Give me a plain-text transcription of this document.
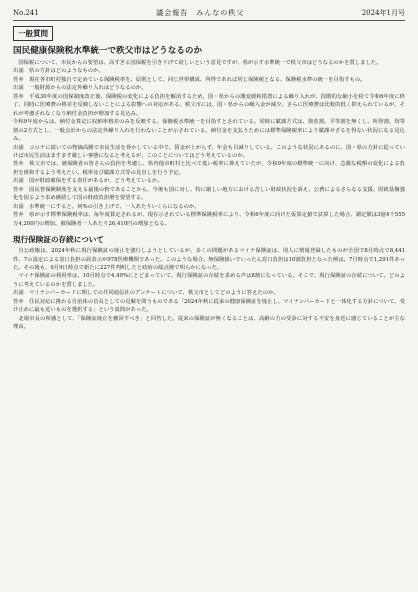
No.241	議会報告　みんなの秩父	2024年1月号
一般質問
国民健康保険税水準統一で秩父市はどうなるのか

　国保税について、市民からの要望は、高すぎる国保税を引き下げて欲しいという意見ですが、県が示す水準統一で秩父市はどうなるのかを質しました。

出浦　県の方針はどのようなものか。

答弁　現在各市町村独自で定めている保険税率を、原則として、同じ世帯構成、所得であれば同じ保険税となる、保険税水準の統一を目指すもの。

出浦　一般財源からの法定外繰り入れはどうなるのか。

答弁　平成30年度の国保制度改正後、保険税の変化による負担を解消するため、国・県からの激変緩和措置による繰り入れが、段階的な縮小を経て令和6年度に終了、同時に医療費の格差を反映しないことによる影響への対応がある。秩父市には、国・県からの繰入金が減少、さらに医療費は比較的低く抑えられているが、それが考慮されなくなり納付金負担が増加する見込み。

令和9年度からは、納付金算定に収納率格差のみを反映する、保険税水準統一を目指すとされている。同時に賦課方式は、資産割、平等割を無くし、所得割、均等割の2方式とし、一般会計からの法定外繰り入れを行わないことが示されている。納付金を支払うためには標準保険税率により賦課せざるを得ない状況になる見込み。

出浦　コロナに続いての物価高騰で市民生活を脅かしている中で、賃金が上がらず、年金も目減りしている。このような状況にあるのに、国・県の方針に従っていけば市民生活はますます厳しい事態になると考えるが、このことについてはどう考えているのか。

答弁　秩父市では、被保険者の皆さんの負担を考慮し、県内他市町村と比べて低い税率に抑えていたが、令和9年度の標準統一に向け、急激な税額の変化による負担を緩和するよう考えたい。税率及び賦課方式等の見直しを行う予定。

出浦　国が財政確保をする責任があるが、どう考えているか。

答弁　国民皆保険制度を支える最後の砦であることから、今後も国に対し、特に厳しい地方における苦しい財政状況を訴え、公費によるさらなる支援、財政基盤強化を図るよう求め継続して国の財政負担増を要望する。

出浦　水準統一にすると、何%の引き上げで、一人あたりいくらになるのか。

答弁　県が示す標準保険税率は、毎年度算定されるが、現在示されている標準保険税率により、令和6年度に向けた仮算定値で試算した場合、調定額は3億4千555万4,200円の増加、被保険者一人あたり26,410円の増加となる。

現行保険証の存続について

　自公政権は、2024年秋に現行保険証の廃止を強行しようとしているが、多くの問題があるマイナ保険証は、別人に情報登録したものが全国で8月時点で8,441件、7の設定による窓口負担の誤表示が978医療機関であった。このような場合、無保険扱いでいったん窓口負担は10割負担となった例は、7月時点で1,291件あった。その後も、9月9日時点で新たに227件判明したと政府の総点検で明らかになった。

　マイナ保険証の利用率は、10月時点で4.49%にとどまっていて、現行保険証の存続を求める声は8割になっている。そこで、現行保険証の存続について、どのように考えているのかを質しました。

出浦　マイナンバーカードに関しての共同通信社のアンケートについて、秩父市としてどのように答えたのか。

答弁　住民対応に携わる自治体の首長としての見解を問うものである「2024年秋に従来の健康保険証を廃止し、マイナンバーカードと一体化する方針について、受け止めに最も近いものを選択する」という設問があった。

　北堀市長の所感として、「保険証廃止を撤回すべき」と回答した。従来の保険証が無くなることは、高齢の方の受診に対する不安を身近に感じていることが主な理由。
